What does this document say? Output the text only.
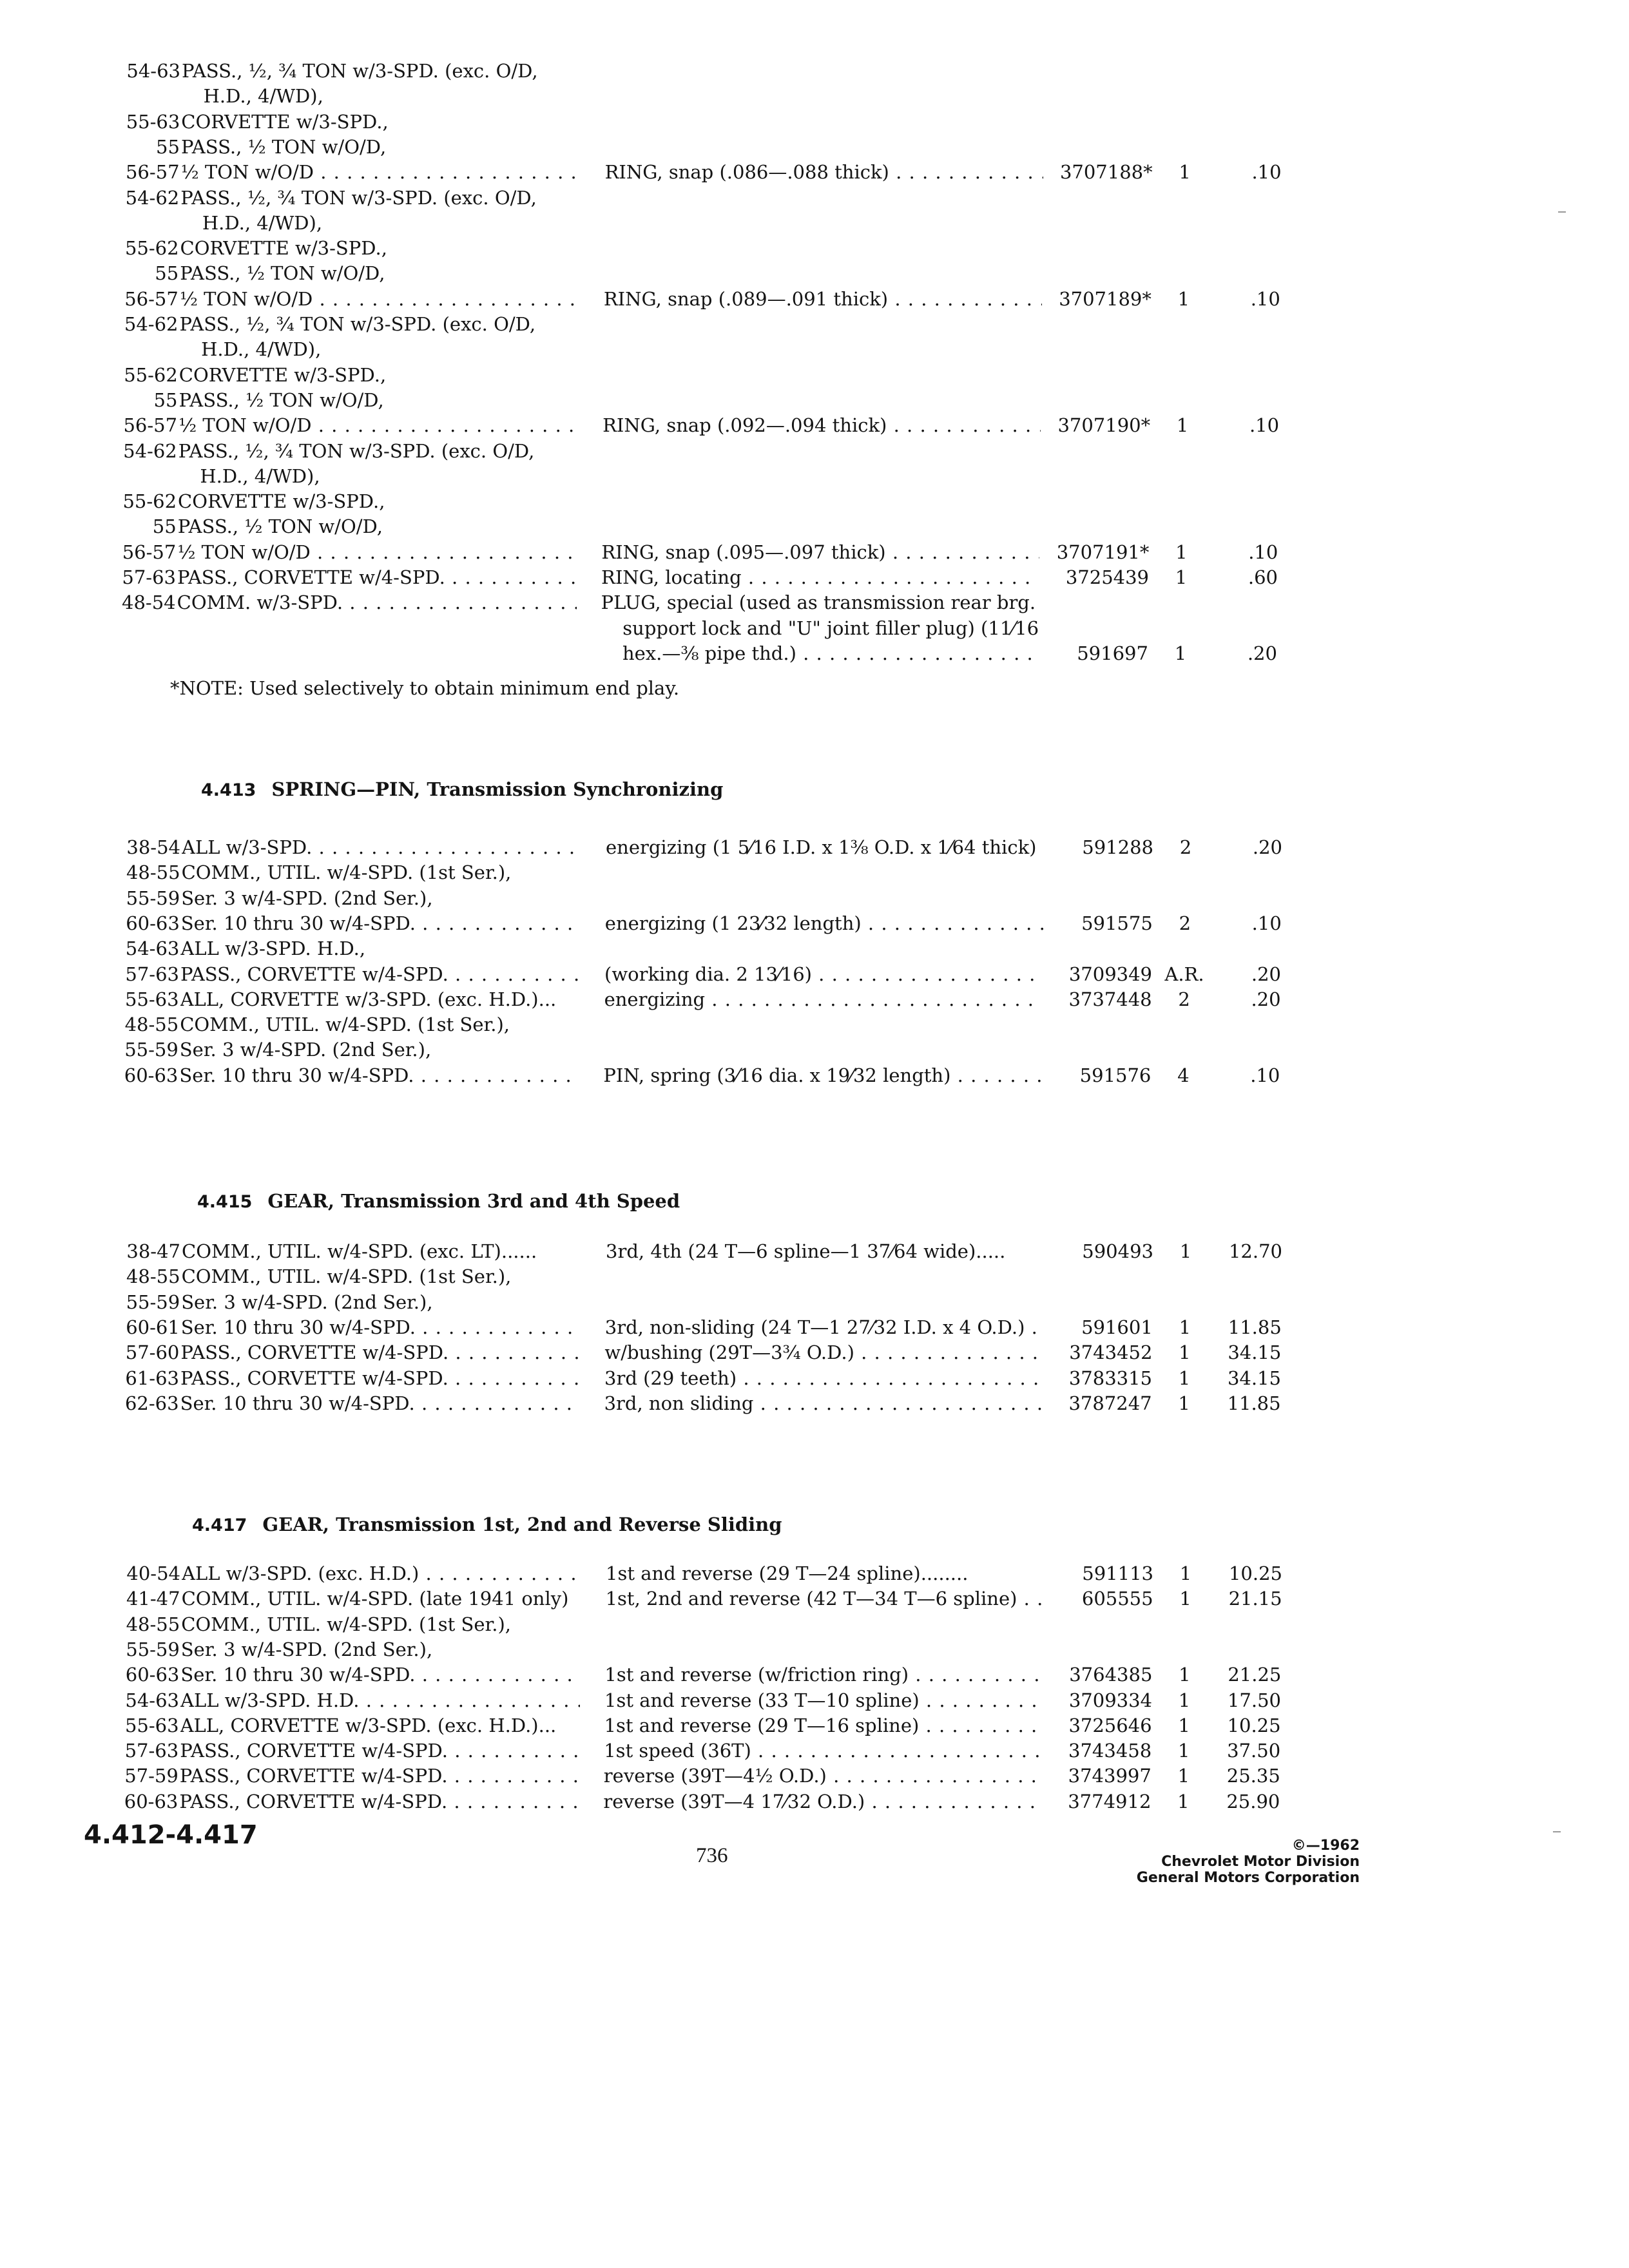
54-63 PASS., ½, ¾ TON w/3-SPD. (exc. O/D,
H.D., 4/WD),
55-63 CORVETTE w/3-SPD.,
55 PASS., ½ TON w/O/D,
56-57 ½ TON w/O/D . . .	RING, snap (.086—.088 thick) . . .	3707188*	1	.10
54-62 PASS., ½, ¾ TON w/3-SPD. (exc. O/D,
H.D., 4/WD),
55-62 CORVETTE w/3-SPD.,
55 PASS., ½ TON w/O/D,
56-57 ½ TON w/O/D . . .	RING, snap (.089—.091 thick) . . .	3707189*	1	.10
54-62 PASS., ½, ¾ TON w/3-SPD. (exc. O/D,
H.D., 4/WD),
55-62 CORVETTE w/3-SPD.,
55 PASS., ½ TON w/O/D,
56-57 ½ TON w/O/D . . .	RING, snap (.092—.094 thick) . . .	3707190*	1	.10
54-62 PASS., ½, ¾ TON w/3-SPD. (exc. O/D,
H.D., 4/WD),
55-62 CORVETTE w/3-SPD.,
55 PASS., ½ TON w/O/D,
56-57 ½ TON w/O/D . . .	RING, snap (.095—.097 thick) . . .	3707191*	1	.10
57-63 PASS., CORVETTE w/4-SPD. . . .	RING, locating . . .	3725439	1	.60
48-54 COMM. w/3-SPD. . . .	PLUG, special (used as transmission rear brg.
support lock and "U" joint filler plug) (11⁄16
hex.—⅜ pipe thd.) . . .	591697	1	.20
*NOTE: Used selectively to obtain minimum end play.
4.413 SPRING—PIN, Transmission Synchronizing
38-54 ALL w/3-SPD. . . .	energizing (1 5⁄16 I.D. x 1⅜ O.D. x 1⁄64 thick) . . .	591288	2	.20
48-55 COMM., UTIL. w/4-SPD. (1st Ser.),
55-59 Ser. 3 w/4-SPD. (2nd Ser.),
60-63 Ser. 10 thru 30 w/4-SPD. . . .	energizing (1 23⁄32 length) . . .	591575	2	.10
54-63 ALL w/3-SPD. H.D.,
57-63 PASS., CORVETTE w/4-SPD. . . .	(working dia. 2 13⁄16) . . .	3709349 A.R.	.20
55-63 ALL, CORVETTE w/3-SPD. (exc. H.D.)...	energizing . . .	3737448	2	.20
48-55 COMM., UTIL. w/4-SPD. (1st Ser.),
55-59 Ser. 3 w/4-SPD. (2nd Ser.),
60-63 Ser. 10 thru 30 w/4-SPD. . . .	PIN, spring (3⁄16 dia. x 19⁄32 length) . . .	591576	4	.10
4.415 GEAR, Transmission 3rd and 4th Speed
38-47 COMM., UTIL. w/4-SPD. (exc. LT)......	3rd, 4th (24 T—6 spline—1 37⁄64 wide).....	590493	1	12.70
48-55 COMM., UTIL. w/4-SPD. (1st Ser.),
55-59 Ser. 3 w/4-SPD. (2nd Ser.),
60-61 Ser. 10 thru 30 w/4-SPD. . . .	3rd, non-sliding (24 T—1 27⁄32 I.D. x 4 O.D.) . . .	591601	1	11.85
57-60 PASS., CORVETTE w/4-SPD. . . .	w/bushing (29T—3¾ O.D.) . . .	3743452	1	34.15
61-63 PASS., CORVETTE w/4-SPD. . . .	3rd (29 teeth) . . .	3783315	1	34.15
62-63 Ser. 10 thru 30 w/4-SPD. . . .	3rd, non sliding . . .	3787247	1	11.85
4.417 GEAR, Transmission 1st, 2nd and Reverse Sliding
40-54 ALL w/3-SPD. (exc. H.D.) . . .	1st and reverse (29 T—24 spline)........	591113	1	10.25
41-47 COMM., UTIL. w/4-SPD. (late 1941 only)	1st, 2nd and reverse (42 T—34 T—6 spline) . . .	605555	1	21.15
48-55 COMM., UTIL. w/4-SPD. (1st Ser.),
55-59 Ser. 3 w/4-SPD. (2nd Ser.),
60-63 Ser. 10 thru 30 w/4-SPD. . . .	1st and reverse (w/friction ring) . . .	3764385	1	21.25
54-63 ALL w/3-SPD. H.D. . . .	1st and reverse (33 T—10 spline) . . .	3709334	1	17.50
55-63 ALL, CORVETTE w/3-SPD. (exc. H.D.)...	1st and reverse (29 T—16 spline) . . .	3725646	1	10.25
57-63 PASS., CORVETTE w/4-SPD. . . .	1st speed (36T) . . .	3743458	1	37.50
57-59 PASS., CORVETTE w/4-SPD. . . .	reverse (39T—4½ O.D.) . . .	3743997	1	25.35
60-63 PASS., CORVETTE w/4-SPD. . . .	reverse (39T—4 17⁄32 O.D.) . . .	3774912	1	25.90
4.412-4.417
736	©—1962
Chevrolet Motor Division
General Motors Corporation
